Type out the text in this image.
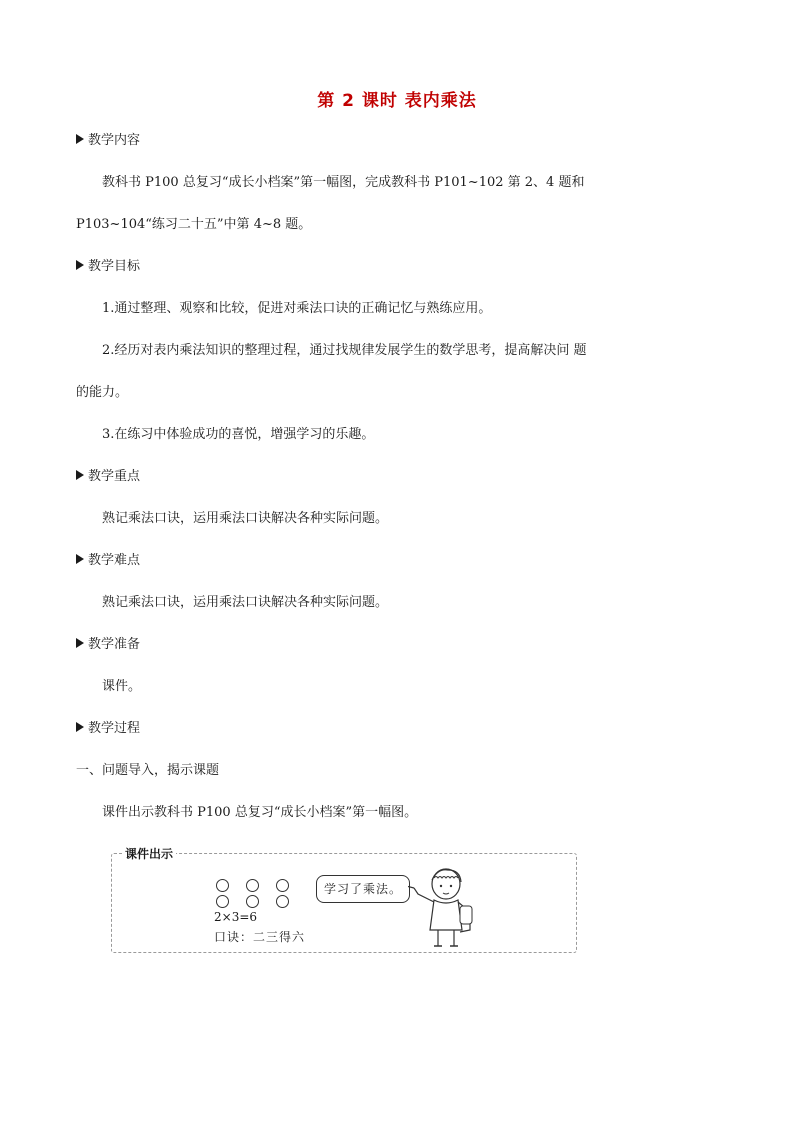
第 2 课时 表内乘法
教学内容
教科书 P100 总复习“成长小档案”第一幅图，完成教科书 P101~102 第 2、4 题和
P103~104“练习二十五”中第 4~8 题。
教学目标
1.通过整理、观察和比较，促进对乘法口诀的正确记忆与熟练应用。
2.经历对表内乘法知识的整理过程，通过找规律发展学生的数学思考，提高解决问 题
的能力。
3.在练习中体验成功的喜悦，增强学习的乐趣。
教学重点
熟记乘法口诀，运用乘法口诀解决各种实际问题。
教学难点
熟记乘法口诀，运用乘法口诀解决各种实际问题。
教学准备
课件。
教学过程
一、问题导入，揭示课题
课件出示教科书 P100 总复习“成长小档案”第一幅图。
课件出示
2×3=6
口诀：二三得六
学习了乘法。
